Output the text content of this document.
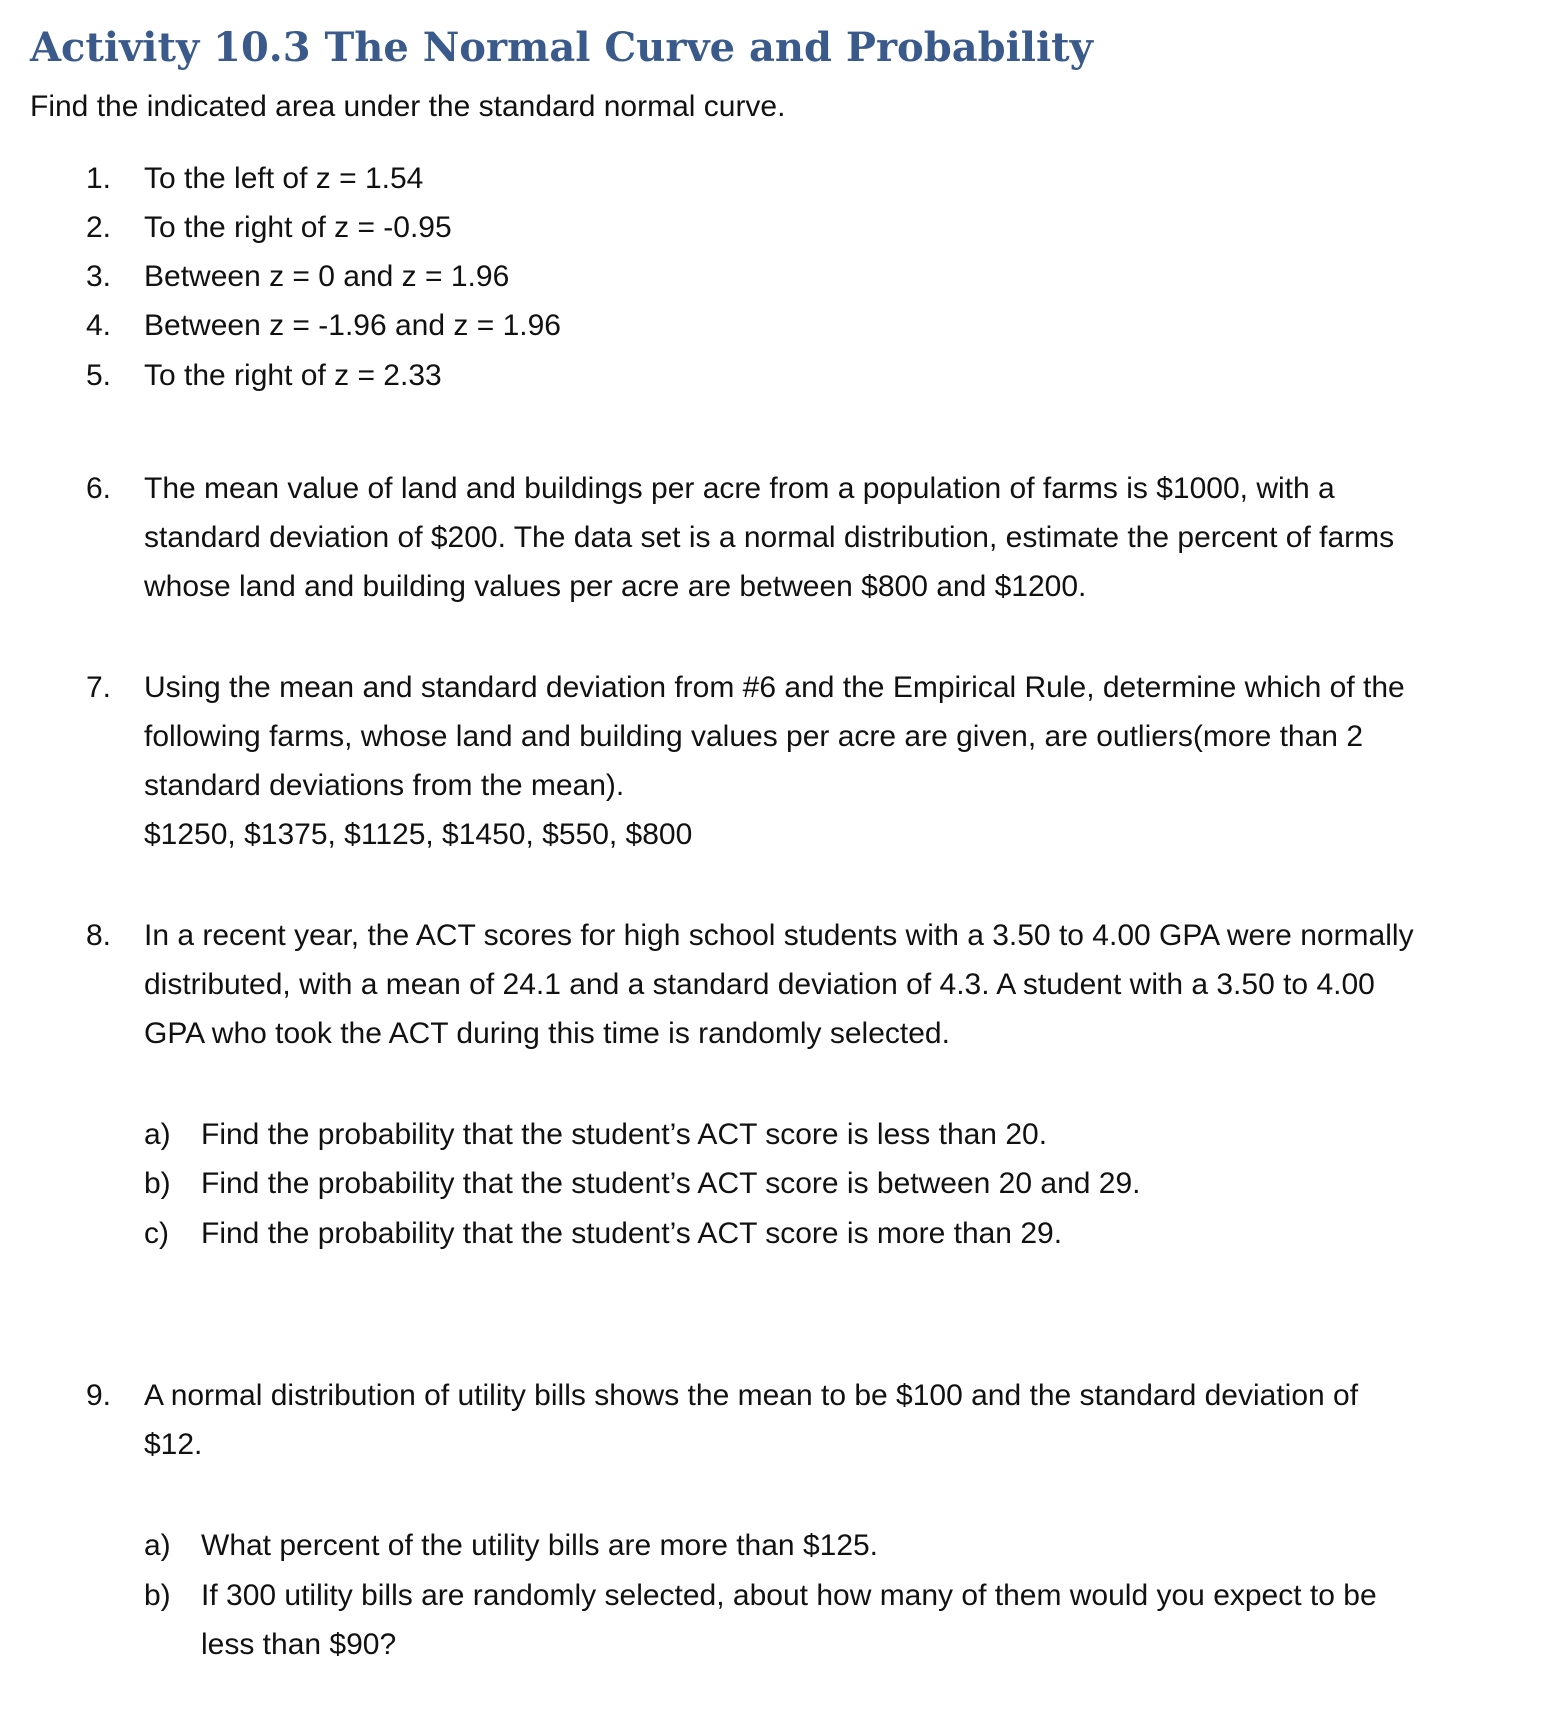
Activity 10.3 The Normal Curve and Probability
Find the indicated area under the standard normal curve.
1.	To the left of z = 1.54
2.	To the right of z = -0.95
3.	Between z = 0 and z = 1.96
4.	Between z = -1.96 and z = 1.96
5.	To the right of z = 2.33
6.	The mean value of land and buildings per acre from a population of farms is $1000, with a
standard deviation of $200. The data set is a normal distribution, estimate the percent of farms
whose land and building values per acre are between $800 and $1200.
7.	Using the mean and standard deviation from #6 and the Empirical Rule, determine which of the
following farms, whose land and building values per acre are given, are outliers(more than 2
standard deviations from the mean).
$1250, $1375, $1125, $1450, $550, $800
8.	In a recent year, the ACT scores for high school students with a 3.50 to 4.00 GPA were normally
distributed, with a mean of 24.1 and a standard deviation of 4.3. A student with a 3.50 to 4.00
GPA who took the ACT during this time is randomly selected.
a)	Find the probability that the student’s ACT score is less than 20.
b)	Find the probability that the student’s ACT score is between 20 and 29.
c)	Find the probability that the student’s ACT score is more than 29.
9.	A normal distribution of utility bills shows the mean to be $100 and the standard deviation of
$12.
a)	What percent of the utility bills are more than $125.
b)	If 300 utility bills are randomly selected, about how many of them would you expect to be
less than $90?
